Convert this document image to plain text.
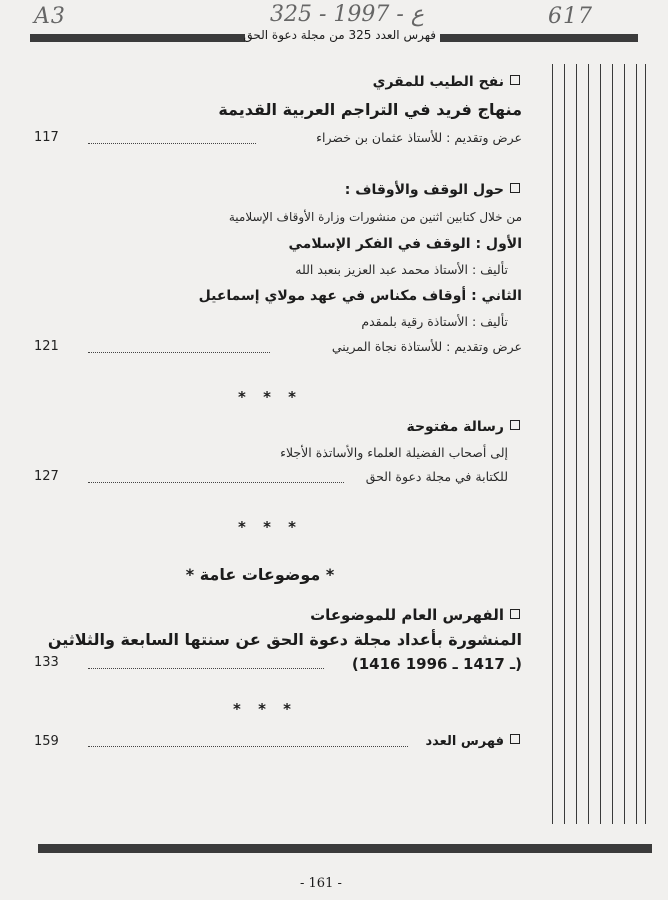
A3	325 - ع - 1997	617
فهرس العدد 325 من مجلة دعوة الحق
نفح الطيب للمقري
منهاج فريد في التراجم العربية القديمة
عرض وتقديم : للأستاذ عثمان بن خضراء
117
حول الوقف والأوقاف :
من خلال كتابين اثنين من منشورات وزارة الأوقاف الإسلامية
الأول : الوقف في الفكر الإسلامي
تأليف : الأستاذ محمد عبد العزيز بنعبد الله
الثاني : أوقاف مكناس في عهد مولاي إسماعيل
تأليف : الأستاذة رقية بلمقدم
عرض وتقديم : للأستاذة نجاة المريني
121
* * *
رسالة مفتوحة
إلى أصحاب الفضيلة العلماء والأساتذة الأجلاء
للكتابة في مجلة دعوة الحق
127
* * *
* موضوعات عامة *
الفهرس العام للموضوعات
المنشورة بأعداد مجلة دعوة الحق عن سنتها السابعة والثلاثين
(1416 ـ 1417 ـ 1996)
133
* * *
فهرس العدد
159
- 161 -
